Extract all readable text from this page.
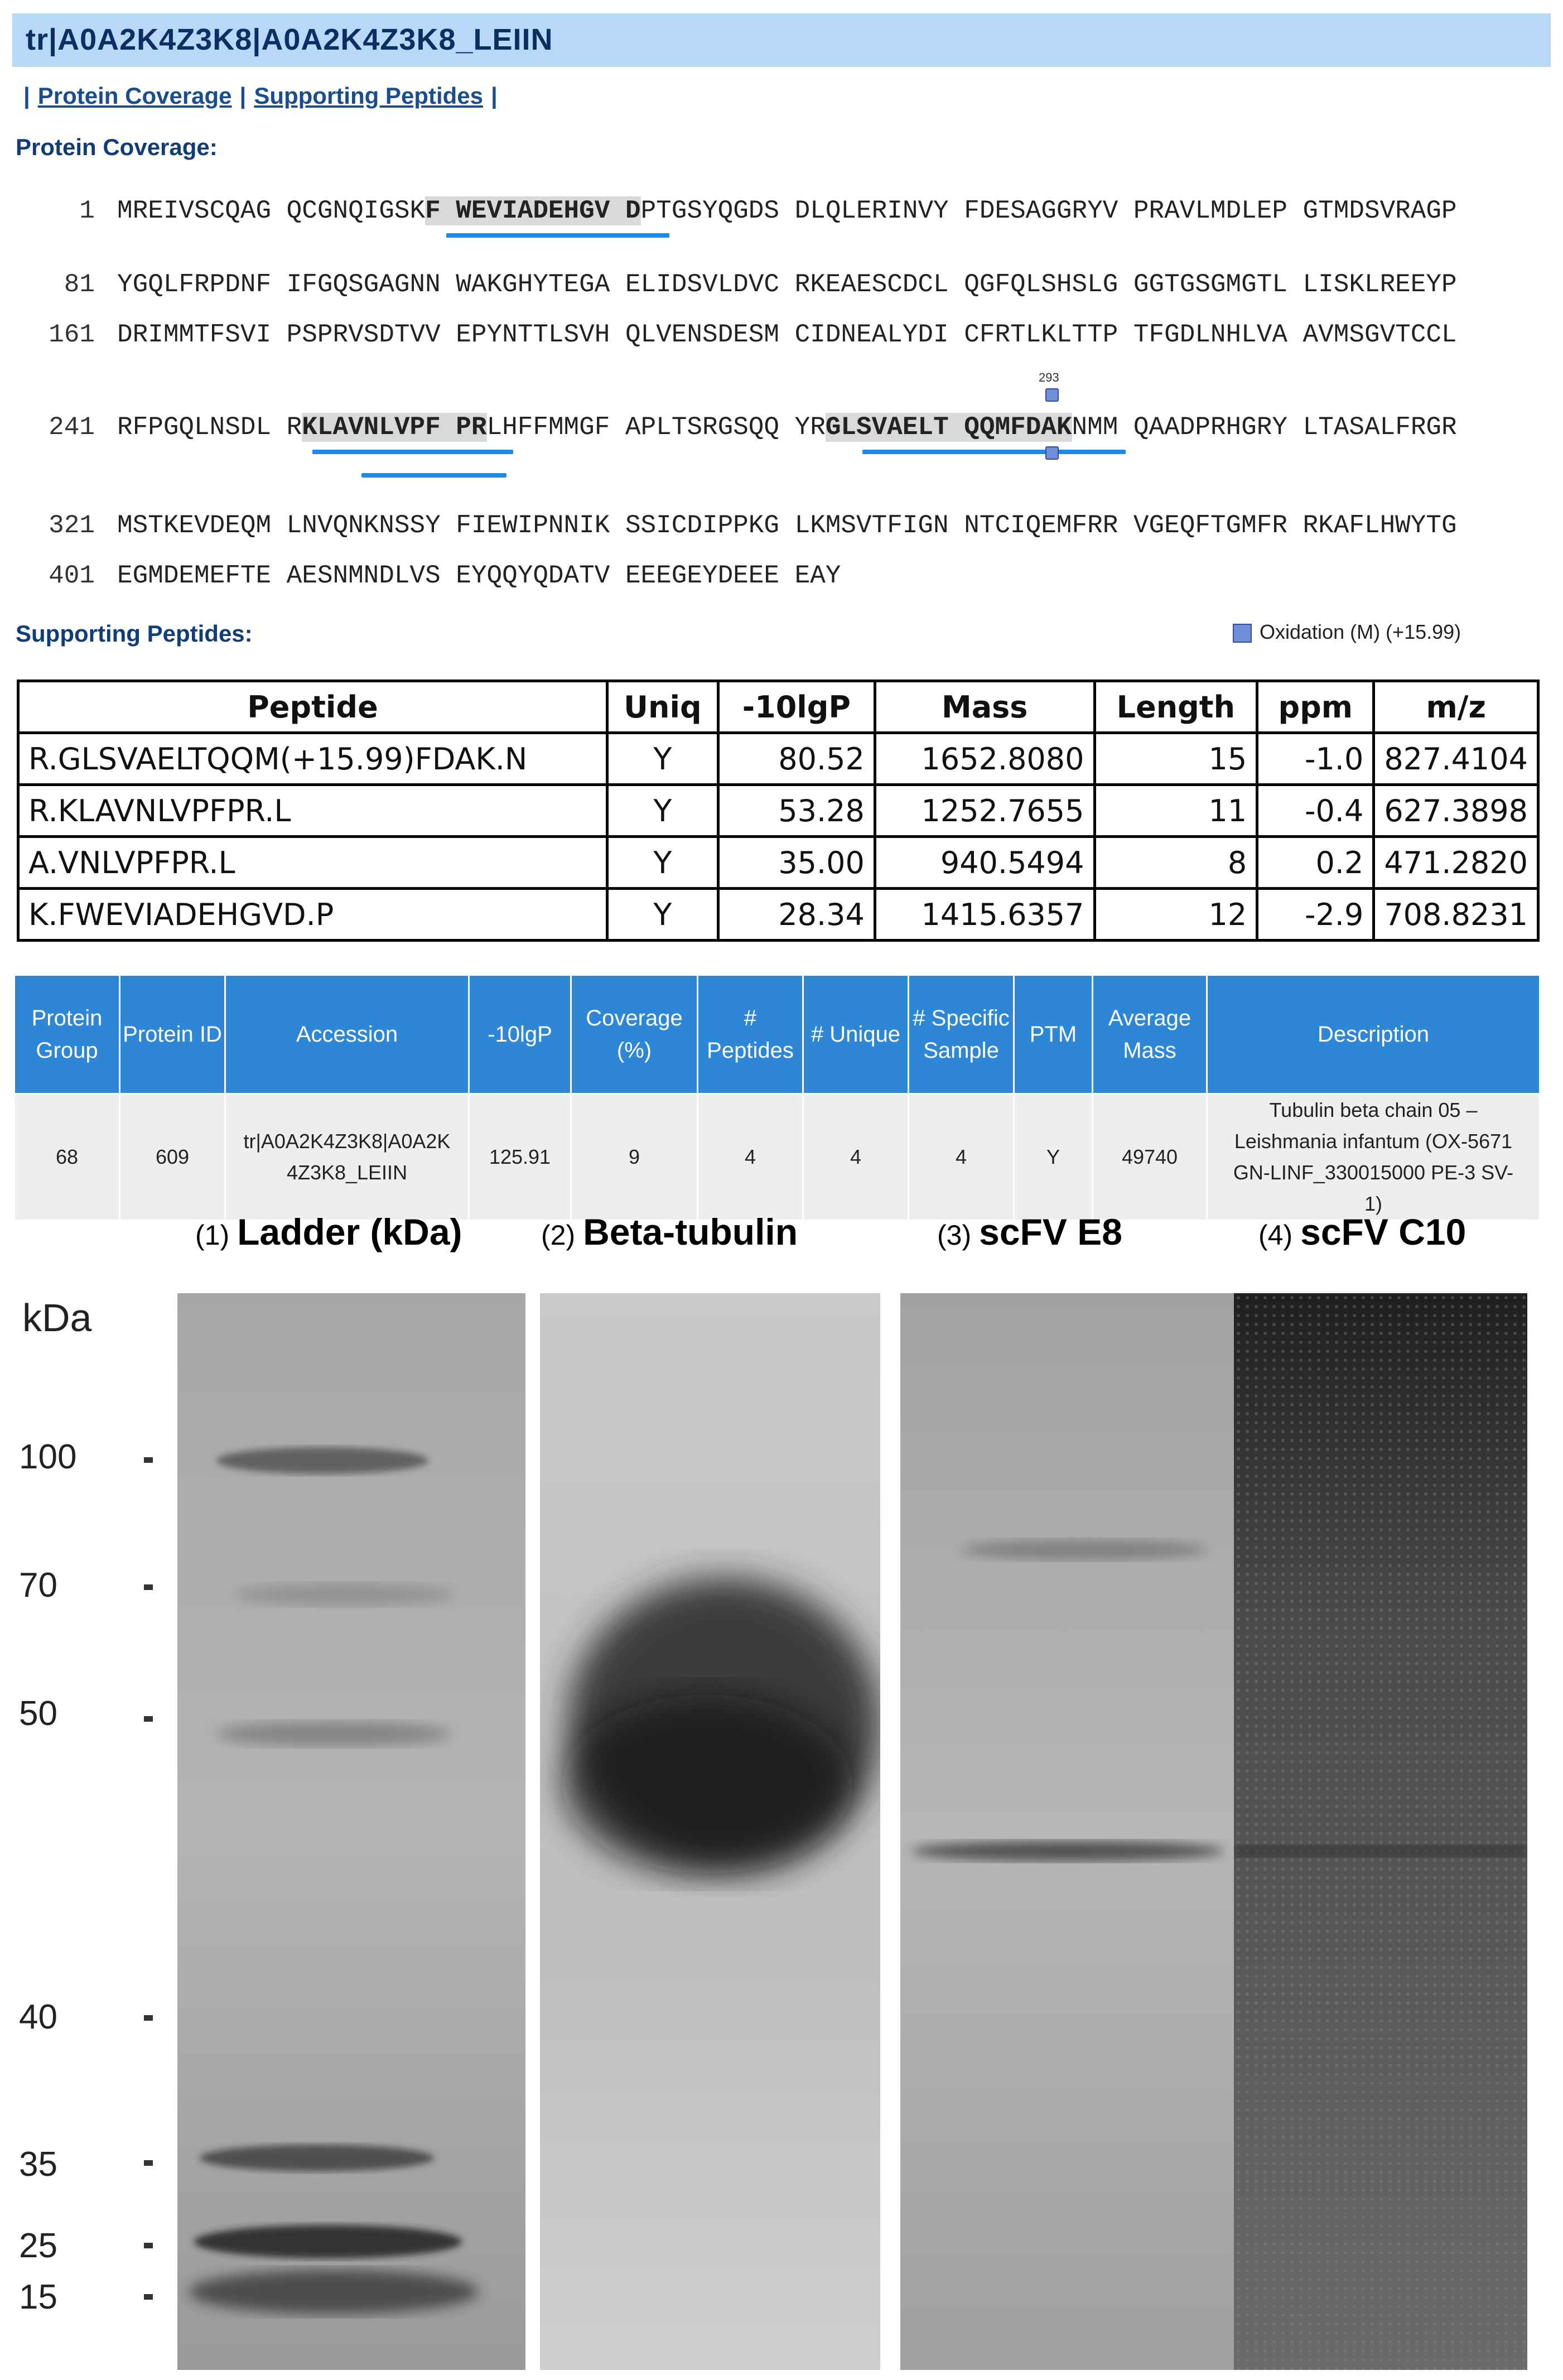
tr|A0A2K4Z3K8|A0A2K4Z3K8_LEIIN
| Protein Coverage | Supporting Peptides |
Protein Coverage:
1 MREIVSCQAG QCGNQIGSKF WEVIADEHGV DPTGSYQGDS DLQLERINVY FDESAGGRYV PRAVLMDLEP GTMDSVRAGP
81 YGQLFRPDNF IFGQSGAGNN WAKGHYTEGA ELIDSVLDVC RKEAESCDCL QGFQLSHSLG GGTGSGMGTL LISKLREEYP
161 DRIMMTFSVI PSPRVSDTVV EPYNTTLSVH QLVENSDESM CIDNEALYDI CFRTLKLTTP TFGDLNHLVA AVMSGVTCCL
293
241 RFPGQLNSDL RKLAVNLVPF PRLHFFMMGF APLTSRGSQQ YRGLSVAELT QQMFDAKNMM QAADPRHGRY LTASALFRGR
321 MSTKEVDEQM LNVQNKNSSY FIEWIPNNIK SSICDIPPKG LKMSVTFIGN NTCIQEMFRR VGEQFTGMFR RKAFLHWYTG
401 EGMDEMEFTE AESNMNDLVS EYQQYQDATV EEEGEYDEEE EAY
Supporting Peptides:	Oxidation (M) (+15.99)
Peptide	Uniq	-10lgP	Mass	Length	ppm	m/z
R.GLSVAELTQQM(+15.99)FDAK.N	Y	80.52	1652.8080	15	-1.0	827.4104
R.KLAVNLVPFPR.L	Y	53.28	1252.7655	11	-0.4	627.3898
A.VNLVPFPR.L	Y	35.00	940.5494	8	0.2	471.2820
K.FWEVIADEHGVD.P	Y	28.34	1415.6357	12	-2.9	708.8231
Protein Group	Protein ID	Accession	-10lgP	Coverage (%)	# Peptides	# Unique	# Specific Sample	PTM	Average Mass	Description
68	609	tr|A0A2K4Z3K8|A0A2K 4Z3K8_LEIIN	125.91	9	4	4	4	Y	49740	Tubulin beta chain 05 – Leishmania infantum (OX-5671 GN-LINF_330015000 PE-3 SV-1)
(1) Ladder (kDa)	(2) Beta-tubulin	(3) scFV E8	(4) scFV C10
kDa
100
70
50
40
35
25
15
